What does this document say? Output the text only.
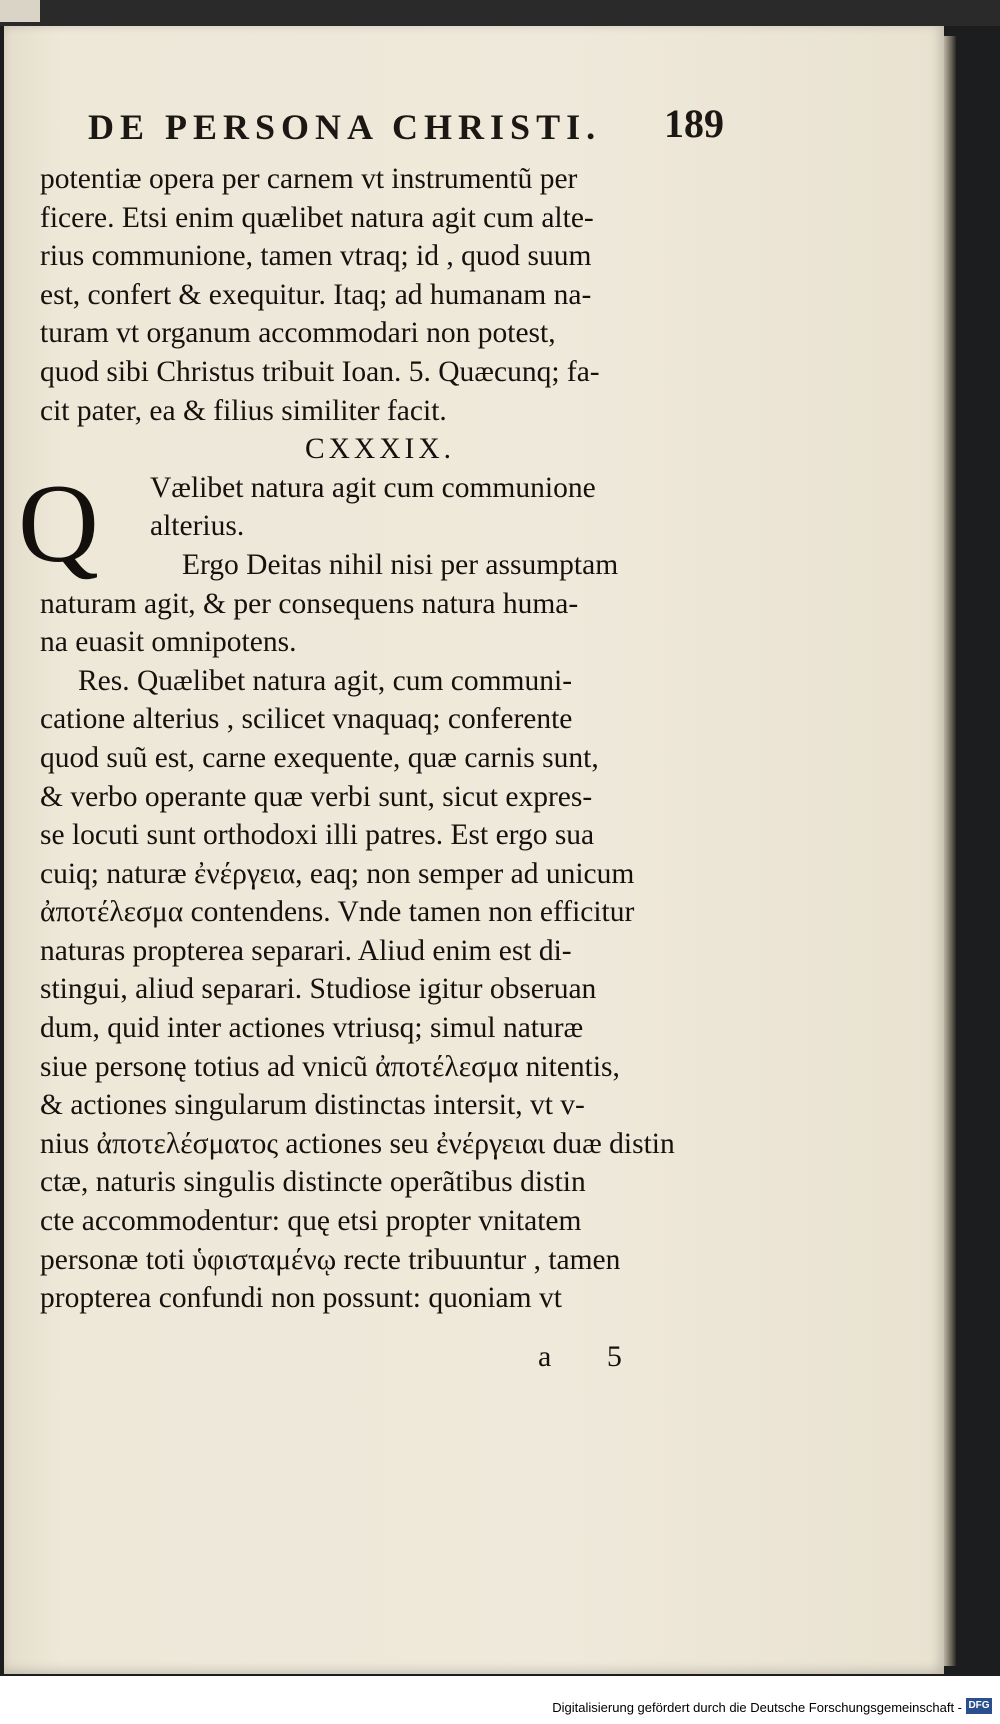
DE PERSONA CHRISTI. 189
Q
potentiæ opera per carnem vt instrumentũ per
ficere. Etsi enim quælibet natura agit cum alte-
rius communione, tamen vtraq; id , quod suum
est, confert & exequitur. Itaq; ad humanam na-
turam vt organum accommodari non potest,
quod sibi Christus tribuit Ioan. 5. Quæcunq; fa-
cit pater, ea & filius similiter facit.
CXXXIX.
Vælibet natura agit cum communione
alterius.
Ergo Deitas nihil nisi per assumptam
naturam agit, & per consequens natura huma-
na euasit omnipotens.
Res. Quælibet natura agit, cum communi-
catione alterius , scilicet vnaquaq; conferente
quod suũ est, carne exequente, quæ carnis sunt,
& verbo operante quæ verbi sunt, sicut expres-
se locuti sunt orthodoxi illi patres. Est ergo sua
cuiq; naturæ ἐνέργεια, eaq; non semper ad unicum
ἀποτέλεσμα contendens. Vnde tamen non efficitur
naturas propterea separari. Aliud enim est di-
stingui, aliud separari. Studiose igitur obseruan
dum, quid inter actiones vtriusq; simul naturæ
siue personę totius ad vnicũ ἀποτέλεσμα nitentis,
& actiones singularum distinctas intersit, vt v-
nius ἀποτελέσματος actiones seu ἐνέργειαι duæ distin
ctæ, naturis singulis distincte operãtibus distin
cte accommodentur: quę etsi propter vnitatem
personæ toti ὑφισταμένῳ recte tribuuntur , tamen
propterea confundi non possunt: quoniam vt
a 5
Digitalisierung gefördert durch die Deutsche Forschungsgemeinschaft - DFG
